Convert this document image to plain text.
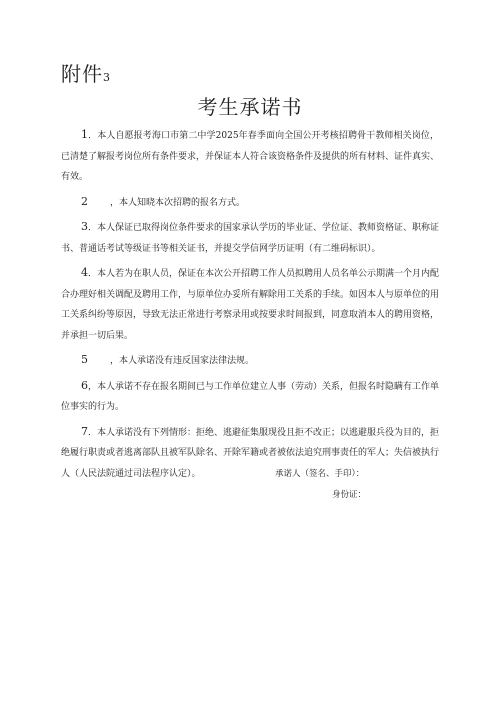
附件3
考生承诺书

1．本人自愿报考海口市第二中学2025年春季面向全国公开考核招聘骨干教师相关岗位，已清楚了解报考岗位所有条件要求，并保证本人符合该资格条件及提供的所有材料、证件真实、有效。

2 ，本人知晓本次招聘的报名方式。

3．本人保证已取得岗位条件要求的国家承认学历的毕业证、学位证、教师资格证、职称证书、普通话考试等级证书等相关证书，并提交学信网学历证明（有二维码标识）。

4．本人若为在职人员，保证在本次公开招聘工作人员拟聘用人员名单公示期满一个月内配合办理好相关调配及聘用工作，与原单位办妥所有解除用工关系的手续。如因本人与原单位的用工关系纠纷等原因，导致无法正常进行考察录用或按要求时间报到，同意取消本人的聘用资格，并承担一切后果。

5 ，本人承诺没有违反国家法律法规。

6，本人承诺不存在报名期间已与工作单位建立人事（劳动）关系，但报名时隐瞒有工作单位事实的行为。

7．本人承诺没有下列情形：拒绝、逃避征集服现役且拒不改正；以逃避服兵役为目的，拒绝履行职责或者逃离部队且被军队除名、开除军籍或者被依法追究刑事责任的军人；失信被执行人（人民法院通过司法程序认定）。	承诺人（签名、手印）：
身份证：
